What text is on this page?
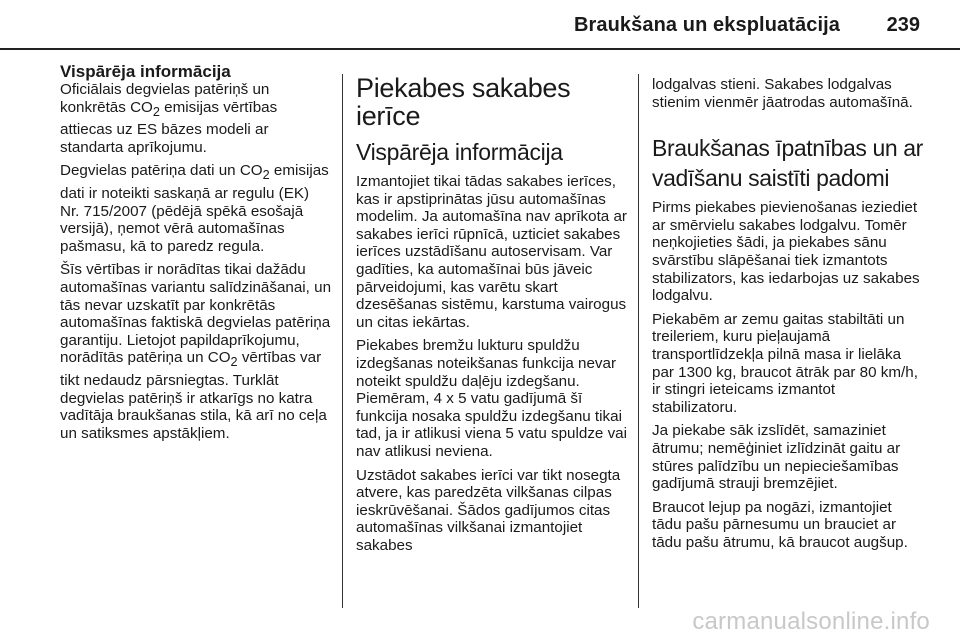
Braukšana un ekspluatācija 239
Vispārēja informācija

Oficiālais degvielas patēriņš un konkrētās $CO_2$ emisijas vērtības attiecas uz ES bāzes modeli ar standarta aprīkojumu.

Degvielas patēriņa dati un $CO_2$ emisijas dati ir noteikti saskaņā ar regulu (EK) Nr. 715/2007 (pēdējā spēkā esošajā versijā), ņemot vērā automašīnas pašmasu, kā to paredz regula.

Šīs vērtības ir norādītas tikai dažādu automašīnas variantu salīdzināšanai, un tās nevar uzskatīt par konkrētās automašīnas faktiskā degvielas patēriņa garantiju. Lietojot papildaprīkojumu, norādītās patēriņa un $CO_2$ vērtības var tikt nedaudz pārsniegtas. Turklāt degvielas patēriņš ir atkarīgs no katra vadītāja braukšanas stila, kā arī no ceļa un satiksmes apstākļiem.

Piekabes sakabes ierīce
Vispārēja informācija

Izmantojiet tikai tādas sakabes ierīces, kas ir apstiprinātas jūsu automašīnas modelim. Ja automašīna nav aprīkota ar sakabes ierīci rūpnīcā, uzticiet sakabes ierīces uzstādīšanu autoservisam. Var gadīties, ka automašīnai būs jāveic pārveidojumi, kas varētu skart dzesēšanas sistēmu, karstuma vairogus un citas iekārtas.

Piekabes bremžu lukturu spuldžu izdegšanas noteikšanas funkcija nevar noteikt spuldžu daļēju izdegšanu. Piemēram, 4 x 5 vatu gadījumā šī funkcija nosaka spuldžu izdegšanu tikai tad, ja ir atlikusi viena 5 vatu spuldze vai nav atlikusi neviena.

Uzstādot sakabes ierīci var tikt nosegta atvere, kas paredzēta vilkšanas cilpas ieskrūvēšanai. Šādos gadījumos citas automašīnas vilkšanai izmantojiet sakabes

lodgalvas stieni. Sakabes lodgalvas stienim vienmēr jāatrodas automašīnā.

Braukšanas īpatnības un ar vadīšanu saistīti padomi

Pirms piekabes pievienošanas ieziediet ar smērvielu sakabes lodgalvu. Tomēr neņkojieties šādi, ja piekabes sānu svārstību slāpēšanai tiek izmantots stabilizators, kas iedarbojas uz sakabes lodgalvu.

Piekabēm ar zemu gaitas stabiltāti un treileriem, kuru pieļaujamā transportlīdzekļa pilnā masa ir lielāka par 1300 kg, braucot ātrāk par 80 km/h, ir stingri ieteicams izmantot stabilizatoru.

Ja piekabe sāk izslīdēt, samaziniet ātrumu; nemēģiniet izlīdzināt gaitu ar stūres palīdzību un nepieciešamības gadījumā strauji bremzējiet.

Braucot lejup pa nogāzi, izmantojiet tādu pašu pārnesumu un brauciet ar tādu pašu ātrumu, kā braucot augšup.

carmanualsonline.info
